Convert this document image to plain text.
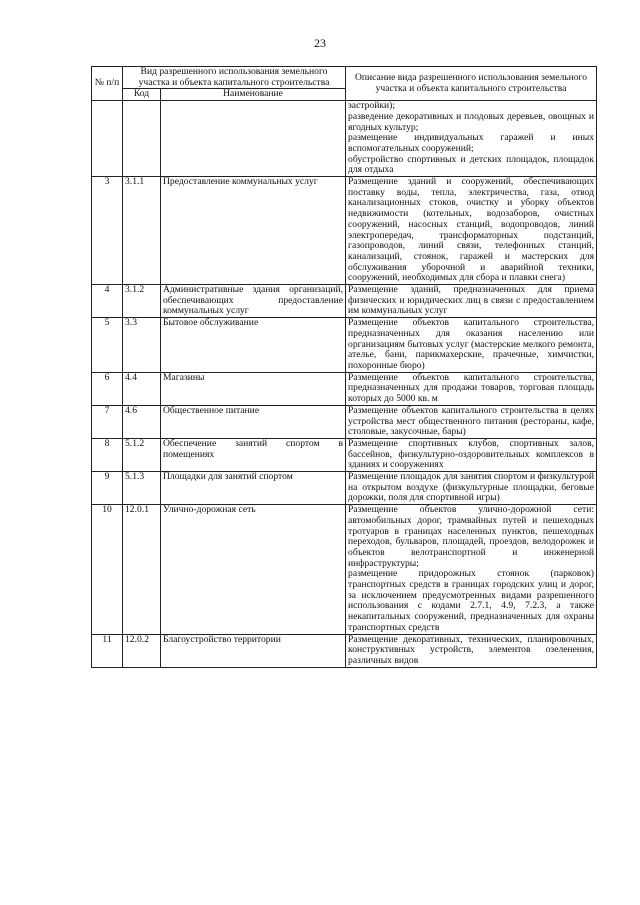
23
№ п/п	Вид разрешенного использования земельного участка и объекта капитального строительства		Описание вида разрешенного использования земельного участка и объекта капитального строительства
	Код	Наименование	

			застройки);
разведение декоративных и плодовых деревьев, овощных и ягодных культур;
размещение индивидуальных гаражей и иных вспомогательных сооружений;
обустройство спортивных и детских площадок, площадок для отдыха

3	3.1.1	Предоставление коммунальных услуг	Размещение зданий и сооружений, обеспечивающих поставку воды, тепла, электричества, газа, отвод канализационных стоков, очистку и уборку объектов недвижимости (котельных, водозаборов, очистных сооружений, насосных станций, водопроводов, линий электропередач, трансформаторных подстанций, газопроводов, линий связи, телефонных станций, канализаций, стоянок, гаражей и мастерских для обслуживания уборочной и аварийной техники, сооружений, необходимых для сбора и плавки снега)

4	3.1.2	Административные здания организаций, обеспечивающих предоставление коммунальных услуг	Размещение зданий, предназначенных для приема физических и юридических лиц в связи с предоставлением им коммунальных услуг

5	3.3	Бытовое обслуживание	Размещение объектов капитального строительства, предназначенных для оказания населению или организациям бытовых услуг (мастерские мелкого ремонта, ателье, бани, парикмахерские, прачечные, химчистки, похоронные бюро)

6	4.4	Магазины	Размещение объектов капитального строительства, предназначенных для продажи товаров, торговая площадь которых до 5000 кв. м

7	4.6	Общественное питание	Размещение объектов капитального строительства в целях устройства мест общественного питания (рестораны, кафе, столовые, закусочные, бары)

8	5.1.2	Обеспечение занятий спортом в помещениях	Размещение спортивных клубов, спортивных залов, бассейнов, физкультурно-оздоровительных комплексов в зданиях и сооружениях

9	5.1.3	Площадки для занятий спортом	Размещение площадок для занятия спортом и физкультурой на открытом воздухе (физкультурные площадки, беговые дорожки, поля для спортивной игры)

10	12.0.1	Улично-дорожная сеть	Размещение объектов улично-дорожной сети: автомобильных дорог, трамвайных путей и пешеходных тротуаров в границах населенных пунктов, пешеходных переходов, бульваров, площадей, проездов, велодорожек и объектов велотранспортной и инженерной инфраструктуры;
размещение придорожных стоянок (парковок) транспортных средств в границах городских улиц и дорог, за исключением предусмотренных видами разрешенного использования с кодами 2.7.1, 4.9, 7.2.3, а также некапитальных сооружений, предназначенных для охраны транспортных средств

11	12.0.2	Благоустройство территории	Размещение декоративных, технических, планировочных, конструктивных устройств, элементов озеленения, различных видов
